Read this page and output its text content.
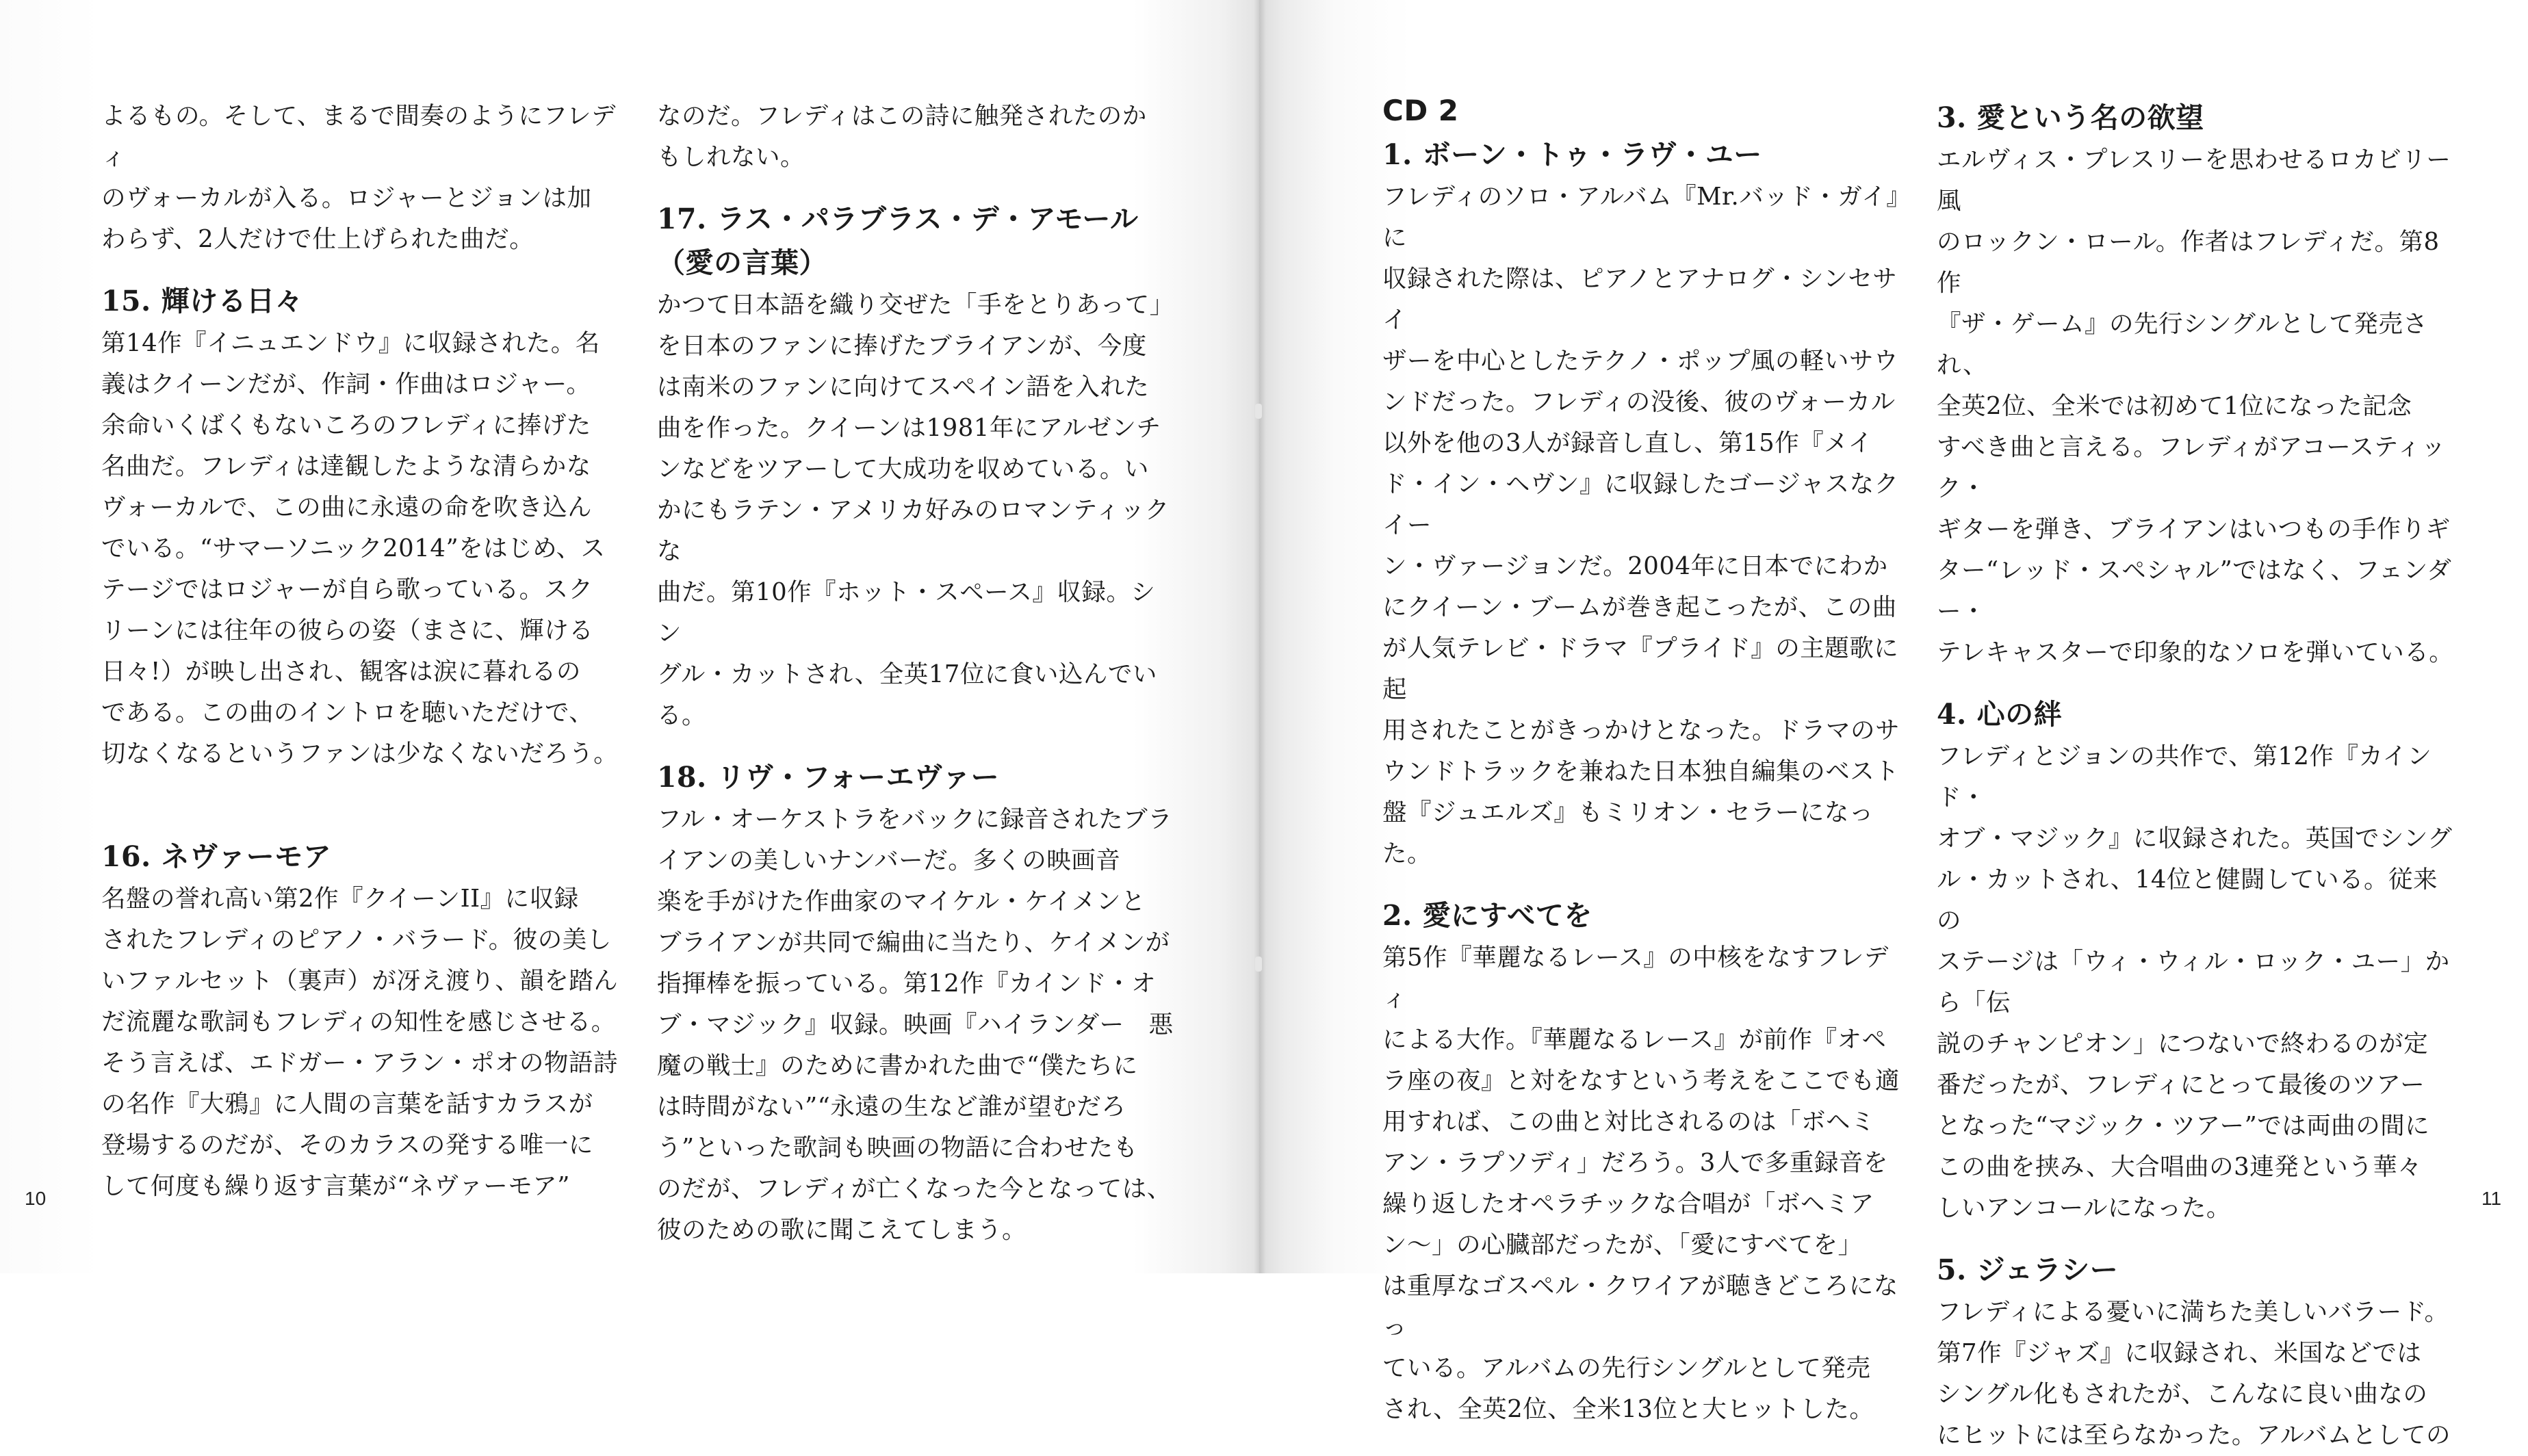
よるもの。そして、まるで間奏のようにフレディ
のヴォーカルが入る。ロジャーとジョンは加
わらず、2人だけで仕上げられた曲だ。

15. 輝ける日々

第14作『イニュエンドウ』に収録された。名
義はクイーンだが、作詞・作曲はロジャー。
余命いくばくもないころのフレディに捧げた
名曲だ。フレディは達観したような清らかな
ヴォーカルで、この曲に永遠の命を吹き込ん
でいる。“サマーソニック2014”をはじめ、ス
テージではロジャーが自ら歌っている。スク
リーンには往年の彼らの姿（まさに、輝ける
日々!）が映し出され、観客は涙に暮れるの
である。この曲のイントロを聴いただけで、
切なくなるというファンは少なくないだろう。

16. ネヴァーモア

名盤の誉れ高い第2作『クイーンII』に収録
されたフレディのピアノ・バラード。彼の美し
いファルセット（裏声）が冴え渡り、韻を踏ん
だ流麗な歌詞もフレディの知性を感じさせる。
そう言えば、エドガー・アラン・ポオの物語詩
の名作『大鴉』に人間の言葉を話すカラスが
登場するのだが、そのカラスの発する唯一に
して何度も繰り返す言葉が“ネヴァーモア”

なのだ。フレディはこの詩に触発されたのか
もしれない。

17. ラス・パラブラス・デ・アモール
（愛の言葉）

かつて日本語を織り交ぜた「手をとりあって」
を日本のファンに捧げたブライアンが、今度
は南米のファンに向けてスペイン語を入れた
曲を作った。クイーンは1981年にアルゼンチ
ンなどをツアーして大成功を収めている。い
かにもラテン・アメリカ好みのロマンティックな
曲だ。第10作『ホット・スペース』収録。シン
グル・カットされ、全英17位に食い込んでいる。

18. リヴ・フォーエヴァー

フル・オーケストラをバックに録音されたブラ
イアンの美しいナンバーだ。多くの映画音
楽を手がけた作曲家のマイケル・ケイメンと
ブライアンが共同で編曲に当たり、ケイメンが
指揮棒を振っている。第12作『カインド・オ
ブ・マジック』収録。映画『ハイランダー　悪
魔の戦士』のために書かれた曲で“僕たちに
は時間がない”“永遠の生など誰が望むだろ
う”といった歌詞も映画の物語に合わせたも
のだが、フレディが亡くなった今となっては、
彼のための歌に聞こえてしまう。

10
CD 2
1. ボーン・トゥ・ラヴ・ユー

フレディのソロ・アルバム『Mr.バッド・ガイ』に
収録された際は、ピアノとアナログ・シンセサイ
ザーを中心としたテクノ・ポップ風の軽いサウ
ンドだった。フレディの没後、彼のヴォーカル
以外を他の3人が録音し直し、第15作『メイ
ド・イン・ヘヴン』に収録したゴージャスなクイー
ン・ヴァージョンだ。2004年に日本でにわか
にクイーン・ブームが巻き起こったが、この曲
が人気テレビ・ドラマ『プライド』の主題歌に起
用されたことがきっかけとなった。ドラマのサ
ウンドトラックを兼ねた日本独自編集のベスト
盤『ジュエルズ』もミリオン・セラーになった。

2. 愛にすべてを

第5作『華麗なるレース』の中核をなすフレディ
による大作。『華麗なるレース』が前作『オペ
ラ座の夜』と対をなすという考えをここでも適
用すれば、この曲と対比されるのは「ボヘミ
アン・ラプソディ」だろう。3人で多重録音を
繰り返したオペラチックな合唱が「ボヘミア
ン〜」の心臓部だったが、「愛にすべてを」
は重厚なゴスペル・クワイアが聴きどころになっ
ている。アルバムの先行シングルとして発売
され、全英2位、全米13位と大ヒットした。

3. 愛という名の欲望

エルヴィス・プレスリーを思わせるロカビリー風
のロックン・ロール。作者はフレディだ。第8作
『ザ・ゲーム』の先行シングルとして発売され、
全英2位、全米では初めて1位になった記念
すべき曲と言える。フレディがアコースティック・
ギターを弾き、ブライアンはいつもの手作りギ
ター“レッド・スペシャル”ではなく、フェンダー・
テレキャスターで印象的なソロを弾いている。

4. 心の絆

フレディとジョンの共作で、第12作『カインド・
オブ・マジック』に収録された。英国でシング
ル・カットされ、14位と健闘している。従来の
ステージは「ウィ・ウィル・ロック・ユー」から「伝
説のチャンピオン」につないで終わるのが定
番だったが、フレディにとって最後のツアー
となった“マジック・ツアー”では両曲の間に
この曲を挟み、大合唱曲の3連発という華々
しいアンコールになった。

5. ジェラシー

フレディによる憂いに満ちた美しいバラード。
第7作『ジャズ』に収録され、米国などでは
シングル化もされたが、こんなに良い曲なの
にヒットには至らなかった。アルバムとしての

11
